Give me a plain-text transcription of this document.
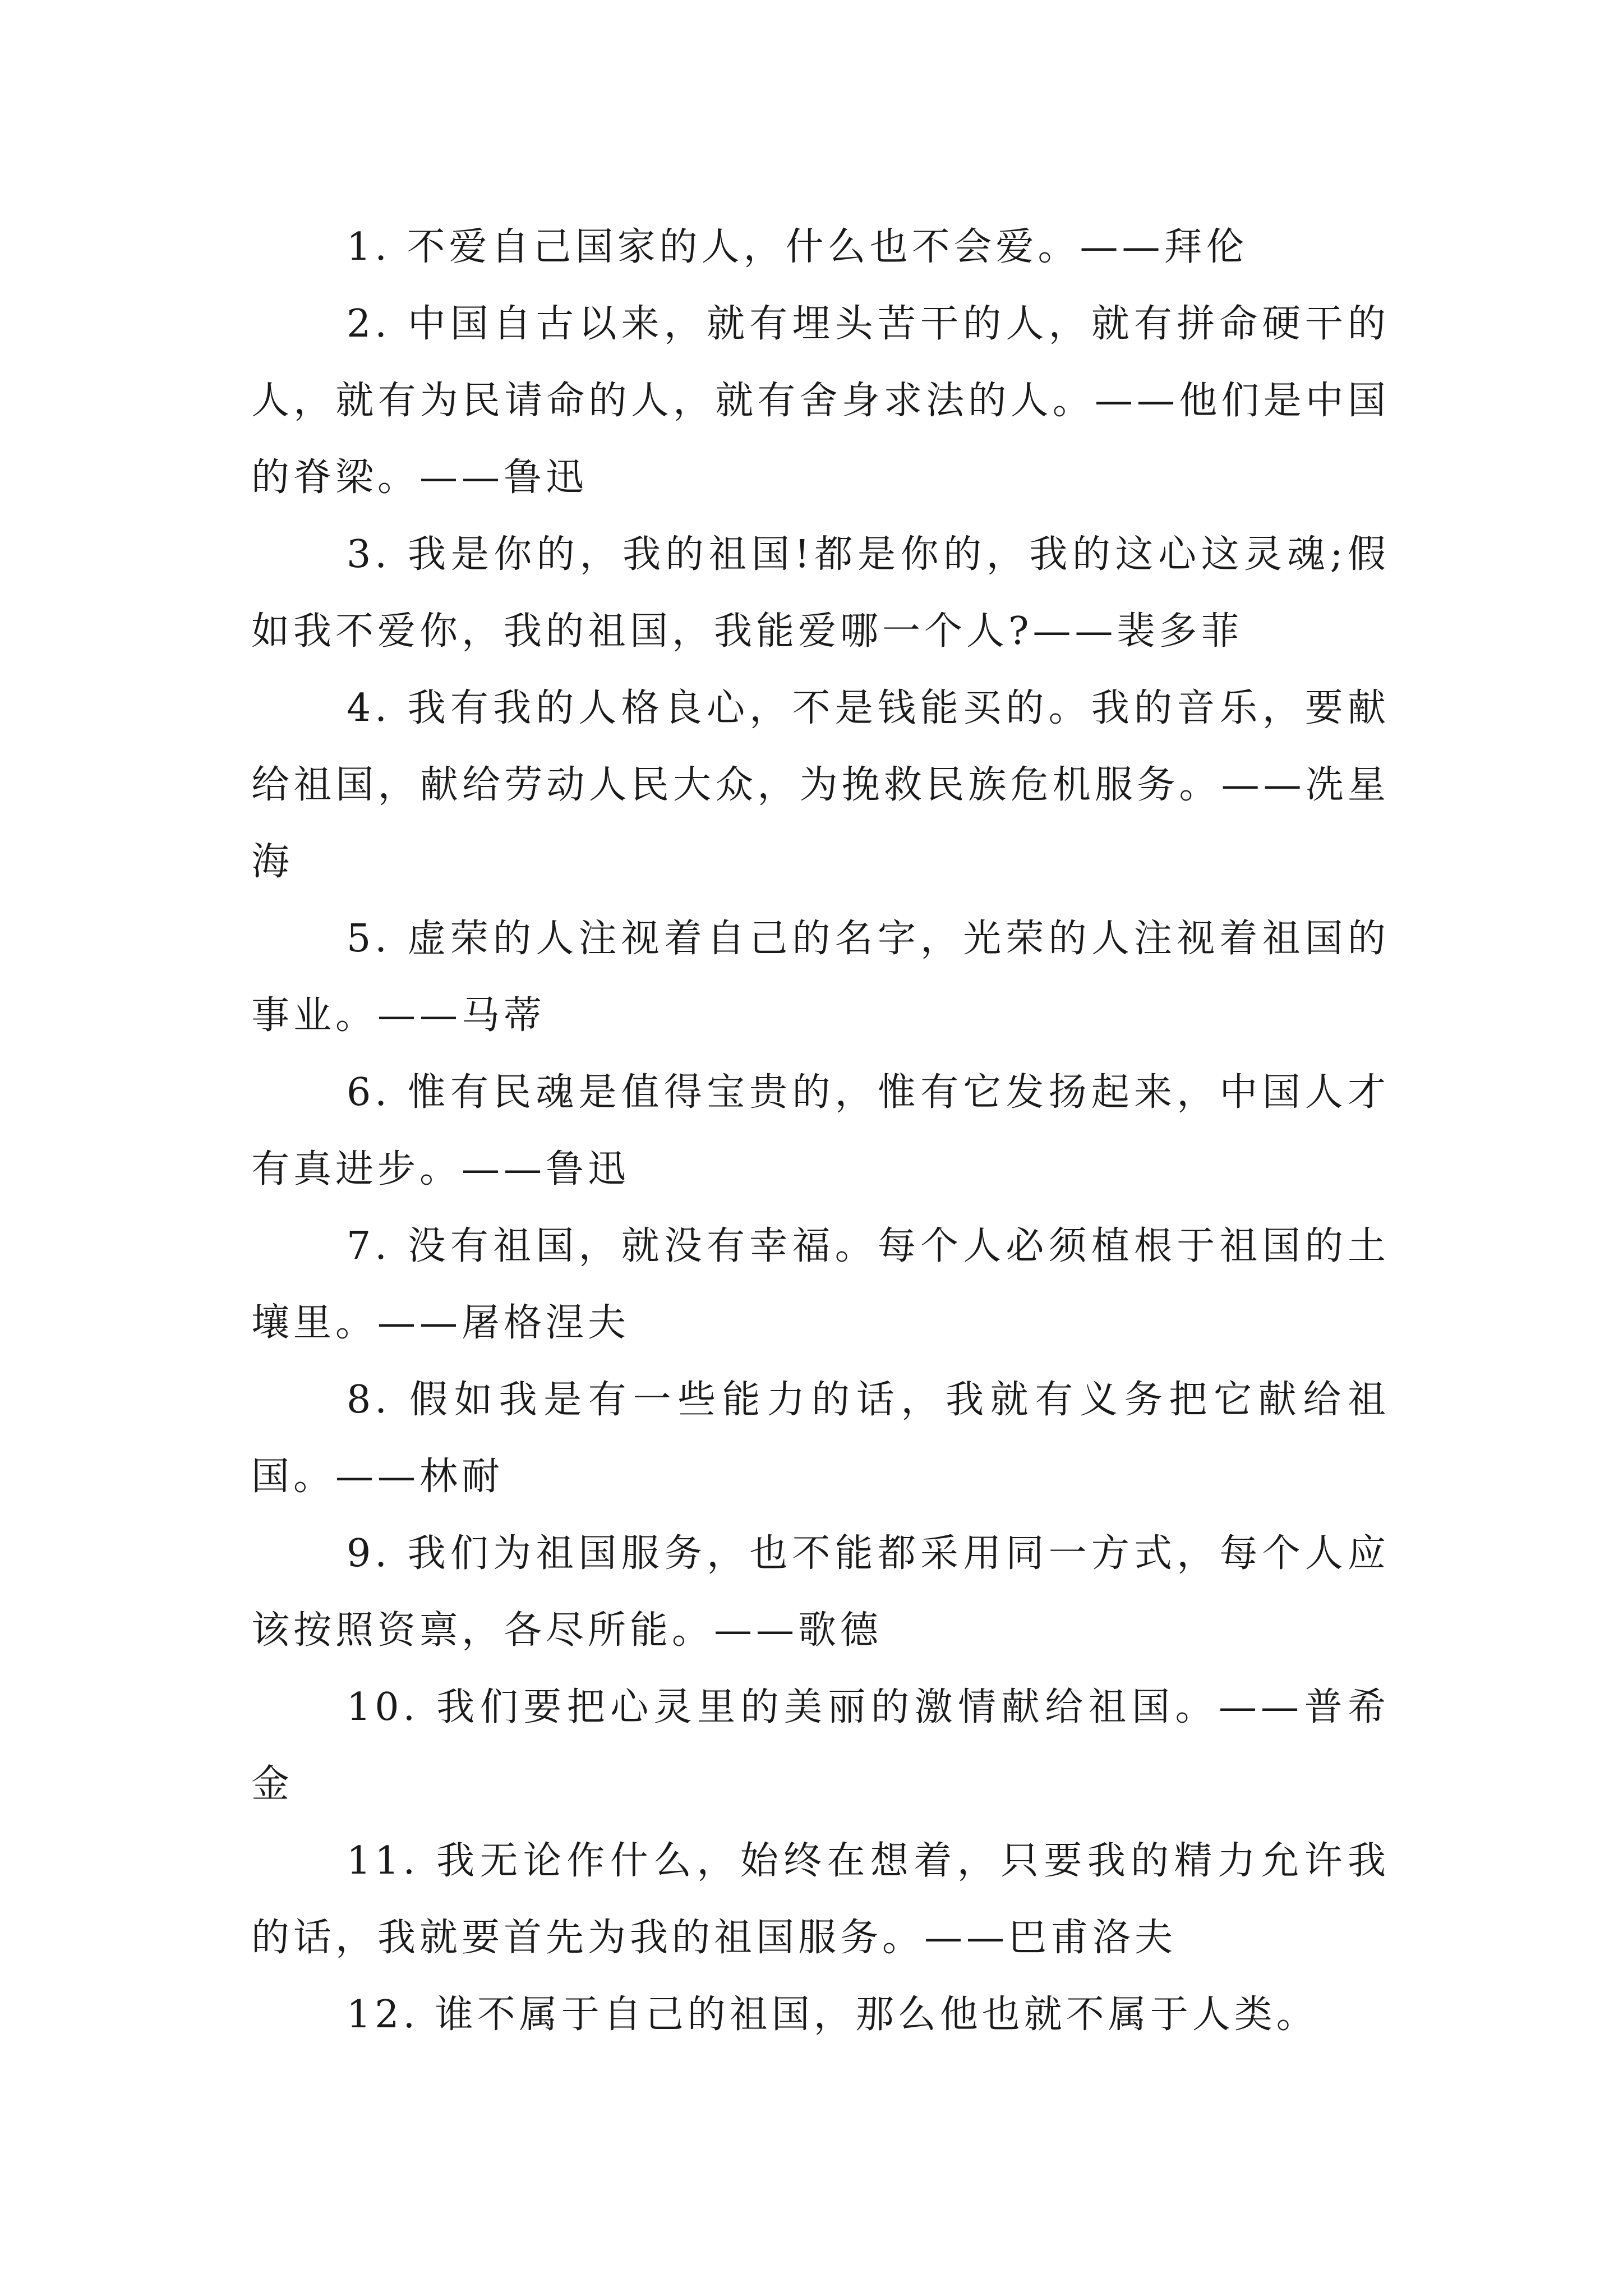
1. 不爱自己国家的人，什么也不会爱。——拜伦

2. 中国自古以来，就有埋头苦干的人，就有拼命硬干的人，就有为民请命的人，就有舍身求法的人。——他们是中国的脊梁。——鲁迅

3. 我是你的，我的祖国!都是你的，我的这心这灵魂;假如我不爱你，我的祖国，我能爱哪一个人?——裴多菲

4. 我有我的人格良心，不是钱能买的。我的音乐，要献给祖国，献给劳动人民大众，为挽救民族危机服务。——冼星海

5. 虚荣的人注视着自己的名字，光荣的人注视着祖国的事业。——马蒂

6. 惟有民魂是值得宝贵的，惟有它发扬起来，中国人才有真进步。——鲁迅

7. 没有祖国，就没有幸福。每个人必须植根于祖国的土壤里。——屠格涅夫

8. 假如我是有一些能力的话，我就有义务把它献给祖国。——林耐

9. 我们为祖国服务，也不能都采用同一方式，每个人应该按照资禀，各尽所能。——歌德

10. 我们要把心灵里的美丽的激情献给祖国。——普希金

11. 我无论作什么，始终在想着，只要我的精力允许我的话，我就要首先为我的祖国服务。——巴甫洛夫

12. 谁不属于自己的祖国，那么他也就不属于人类。
